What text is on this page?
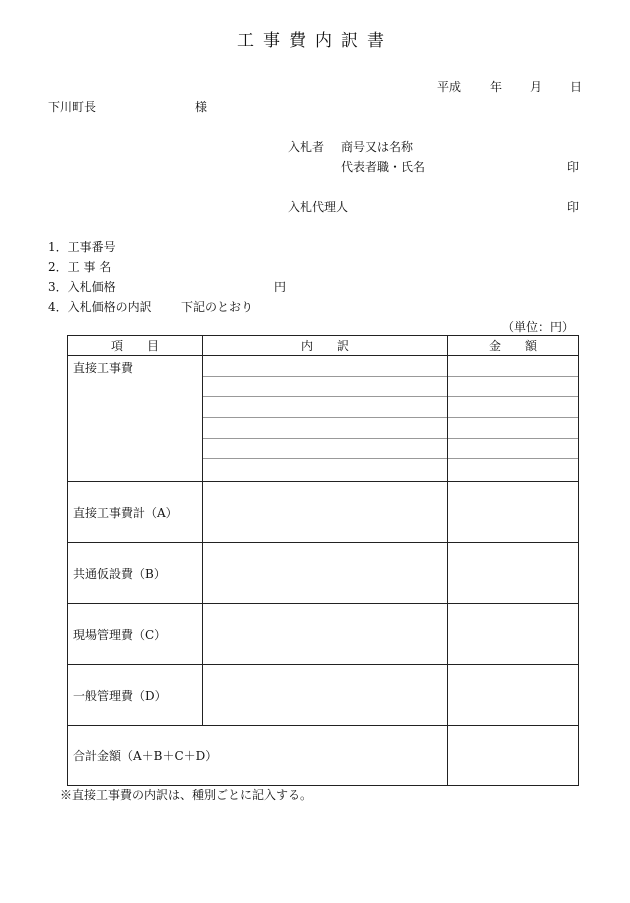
工事費内訳書
平成 年 月 日
下川町長	様
入札者 商号又は名称
代表者職・氏名	印
入札代理人	印
1．工事番号
2．工 事 名
3．入札価格	円
4．入札価格の内訳 下記のとおり
（単位：円）
項　　目	内　　訳	金　　額
直接工事費	

直接工事費計（A）		
共通仮設費（B）		
現場管理費（C）		
一般管理費（D）		
合計金額（A＋B＋C＋D）		
※直接工事費の内訳は、種別ごとに記入する。
